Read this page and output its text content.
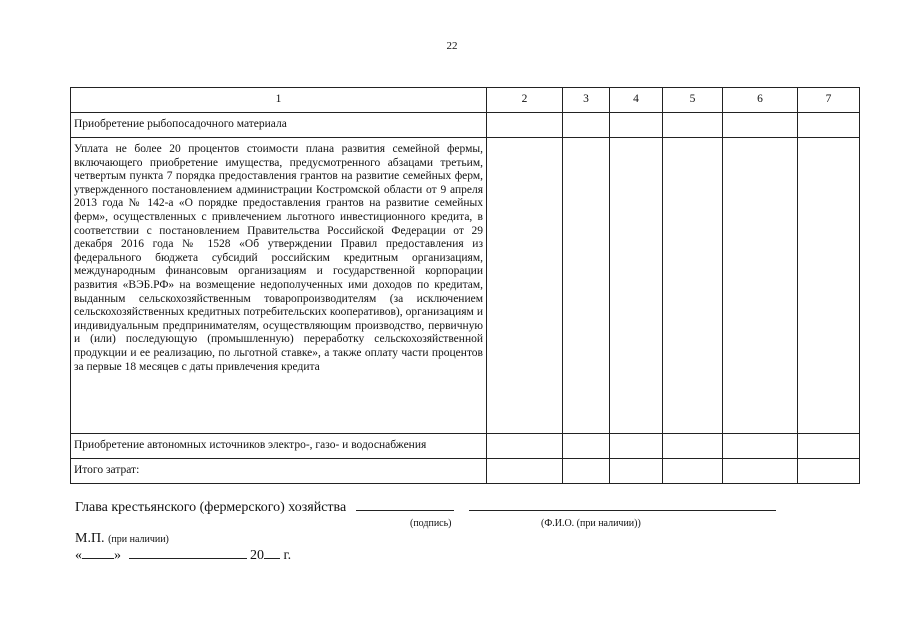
22
1	2	3	4	5	6	7
Приобретение рыбопосадочного материала						
Уплата не более 20 процентов стоимости плана развития семейной фермы, включающего приобретение имущества, предусмотренного абзацами третьим, четвертым пункта 7 порядка предоставления грантов на развитие семейных ферм, утвержденного постановлением администрации Костромской области от 9 апреля 2013 года № 142-а «О порядке предоставления грантов на развитие семейных ферм», осуществленных с привлечением льготного инвестиционного кредита, в соответствии с постановлением Правительства Российской Федерации от 29 декабря 2016 года № 1528 «Об утверждении Правил предоставления из федерального бюджета субсидий российским кредитным организациям, международным финансовым организациям и государственной корпорации развития «ВЭБ.РФ» на возмещение недополученных ими доходов по кредитам, выданным сельскохозяйственным товаропроизводителям (за исключением сельскохозяйственных кредитных потребительских кооперативов), организациям и индивидуальным предпринимателям, осуществляющим производство, первичную и (или) последующую (промышленную) переработку сельскохозяйственной продукции и ее реализацию, по льготной ставке», а также оплату части процентов за первые 18 месяцев с даты привлечения кредита						
Приобретение автономных источников электро-, газо- и водоснабжения						
Итого затрат:						
Глава крестьянского (фермерского) хозяйства
(подпись)	(Ф.И.О. (при наличии))
М.П. (при наличии)
« »	20 г.
